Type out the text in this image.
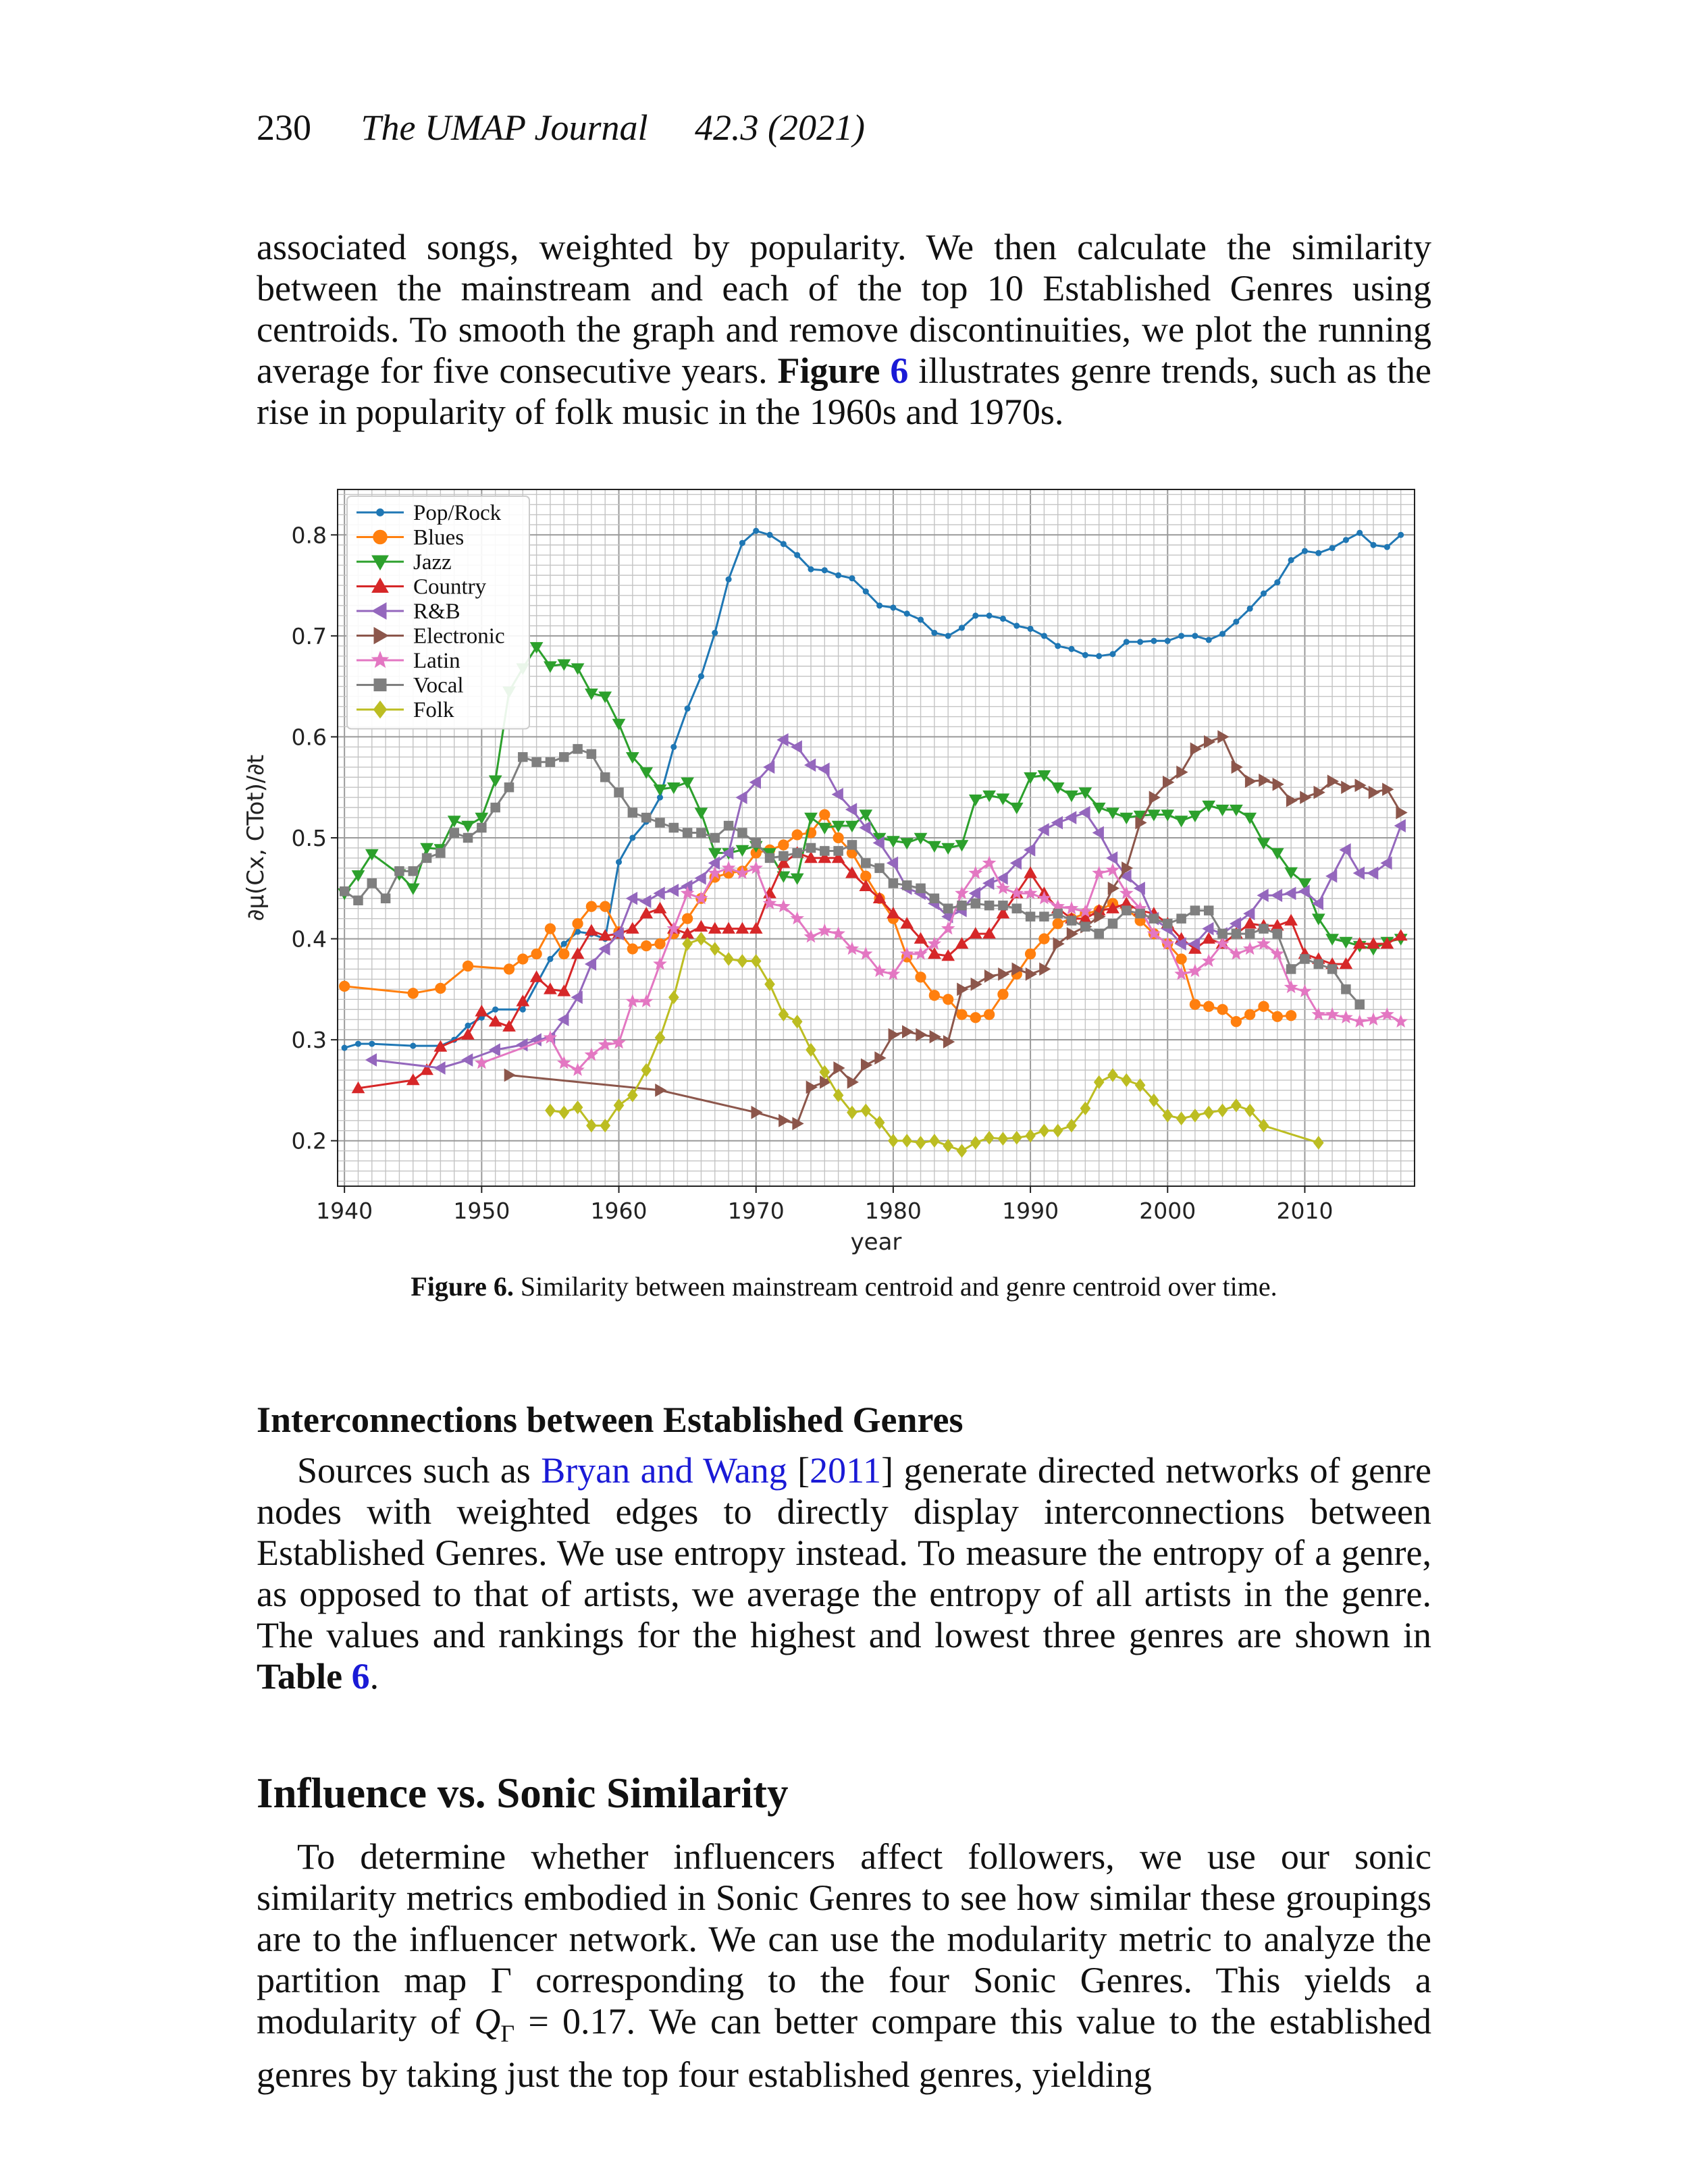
230 The UMAP Journal 42.3 (2021)
associated songs, weighted by popularity. We then calculate the similarity between the mainstream and each of the top 10 Established Genres using centroids. To smooth the graph and remove discontinuities, we plot the running average for five consecutive years. Figure 6 illustrates genre trends, such as the rise in popularity of folk music in the 1960s and 1970s.
1940	1950	1960	1970	1980	1990	2000	2010
0.2
0.3
0.4
0.5
0.6
0.7
0.8
year
∂μ(Cx, CTot)/∂t
Pop/Rock
Blues
Jazz
Country
R&B
Electronic
Latin
Vocal
Folk
Figure 6. Similarity between mainstream centroid and genre centroid over time.
Interconnections between Established Genres
Sources such as Bryan and Wang [2011] generate directed networks of genre nodes with weighted edges to directly display interconnections between Established Genres. We use entropy instead. To measure the entropy of a genre, as opposed to that of artists, we average the entropy of all artists in the genre. The values and rankings for the highest and lowest three genres are shown in Table 6.
Influence vs. Sonic Similarity
To determine whether influencers affect followers, we use our sonic similarity metrics embodied in Sonic Genres to see how similar these groupings are to the influencer network. We can use the modularity metric to analyze the partition map Γ corresponding to the four Sonic Genres. This yields a modularity of $Q_\Gamma = 0.17$. We can better compare this value to the established genres by taking just the top four established genres, yielding
